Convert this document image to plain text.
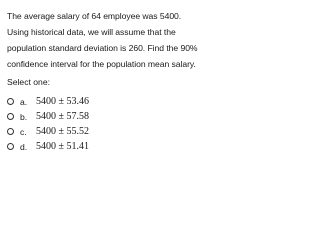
The average salary of 64 employee was 5400.
Using historical data, we will assume that the
population standard deviation is 260. Find the 90%
confidence interval for the population mean salary.
Select one:
a. 5400 ± 53.46
b. 5400 ± 57.58
c. 5400 ± 55.52
d. 5400 ± 51.41
